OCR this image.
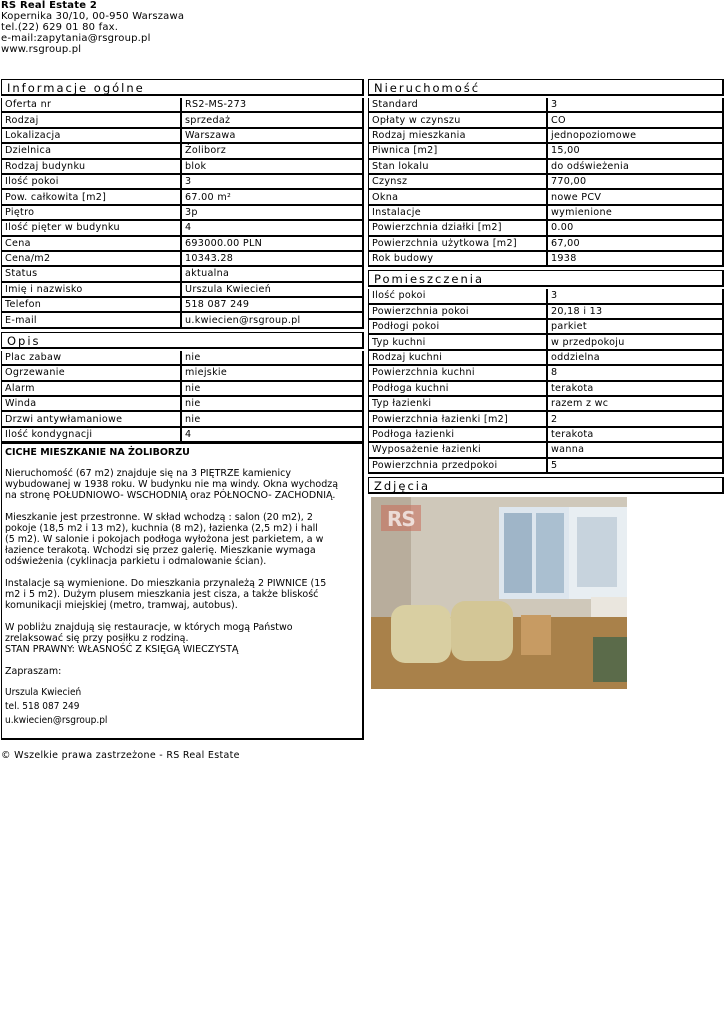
RS Real Estate 2
Kopernika 30/10, 00-950 Warszawa
tel.(22) 629 01 80 fax.
e-mail:zapytania@rsgroup.pl
www.rsgroup.pl
Informacje ogólne
Oferta nr	RS2-MS-273
Rodzaj	sprzedaż
Lokalizacja	Warszawa
Dzielnica	Żoliborz
Rodzaj budynku	blok
Ilość pokoi	3
Pow. całkowita [m2]	67.00 m²
Piętro	3p
Ilość pięter w budynku	4
Cena	693000.00 PLN
Cena/m2	10343.28
Status	aktualna
Imię i nazwisko	Urszula Kwiecień
Telefon	518 087 249
E-mail	u.kwiecien@rsgroup.pl
Opis
Plac zabaw	nie
Ogrzewanie	miejskie
Alarm	nie
Winda	nie
Drzwi antywłamaniowe	nie
Ilość kondygnacji	4
CICHE MIESZKANIE NA ŻOLIBORZU

Nieruchomość (67 m2) znajduje się na 3 PIĘTRZE kamienicy
wybudowanej w 1938 roku. W budynku nie ma windy. Okna wychodzą
na stronę POŁUDNIOWO- WSCHODNIĄ oraz PÓŁNOCNO- ZACHODNIĄ.

Mieszkanie jest przestronne. W skład wchodzą : salon (20 m2), 2
pokoje (18,5 m2 i 13 m2), kuchnia (8 m2), łazienka (2,5 m2) i hall
(5 m2). W salonie i pokojach podłoga wyłożona jest parkietem, a w
łazience terakotą. Wchodzi się przez galerię. Mieszkanie wymaga
odświeżenia (cyklinacja parkietu i odmalowanie ścian).

Instalacje są wymienione. Do mieszkania przynależą 2 PIWNICE (15
m2 i 5 m2). Dużym plusem mieszkania jest cisza, a także bliskość
komunikacji miejskiej (metro, tramwaj, autobus).

W pobliżu znajdują się restauracje, w których mogą Państwo
zrelaksować się przy posiłku z rodziną.
STAN PRAWNY: WŁASNOŚĆ Z KSIĘGĄ WIECZYSTĄ

Zapraszam:

Urszula Kwiecień
tel. 518 087 249
u.kwiecien@rsgroup.pl
Nieruchomość
Standard	3
Opłaty w czynszu	CO
Rodzaj mieszkania	jednopoziomowe
Piwnica [m2]	15,00
Stan lokalu	do odświeżenia
Czynsz	770,00
Okna	nowe PCV
Instalacje	wymienione
Powierzchnia działki [m2]	0.00
Powierzchnia użytkowa [m2]	67,00
Rok budowy	1938
Pomieszczenia
Ilość pokoi	3
Powierzchnia pokoi	20,18 i 13
Podłogi pokoi	parkiet
Typ kuchni	w przedpokoju
Rodzaj kuchni	oddzielna
Powierzchnia kuchni	8
Podłoga kuchni	terakota
Typ łazienki	razem z wc
Powierzchnia łazienki [m2]	2
Podłoga łazienki	terakota
Wyposażenie łazienki	wanna
Powierzchnia przedpokoi	5
Zdjęcia
RS
© Wszelkie prawa zastrzeżone - RS Real Estate
